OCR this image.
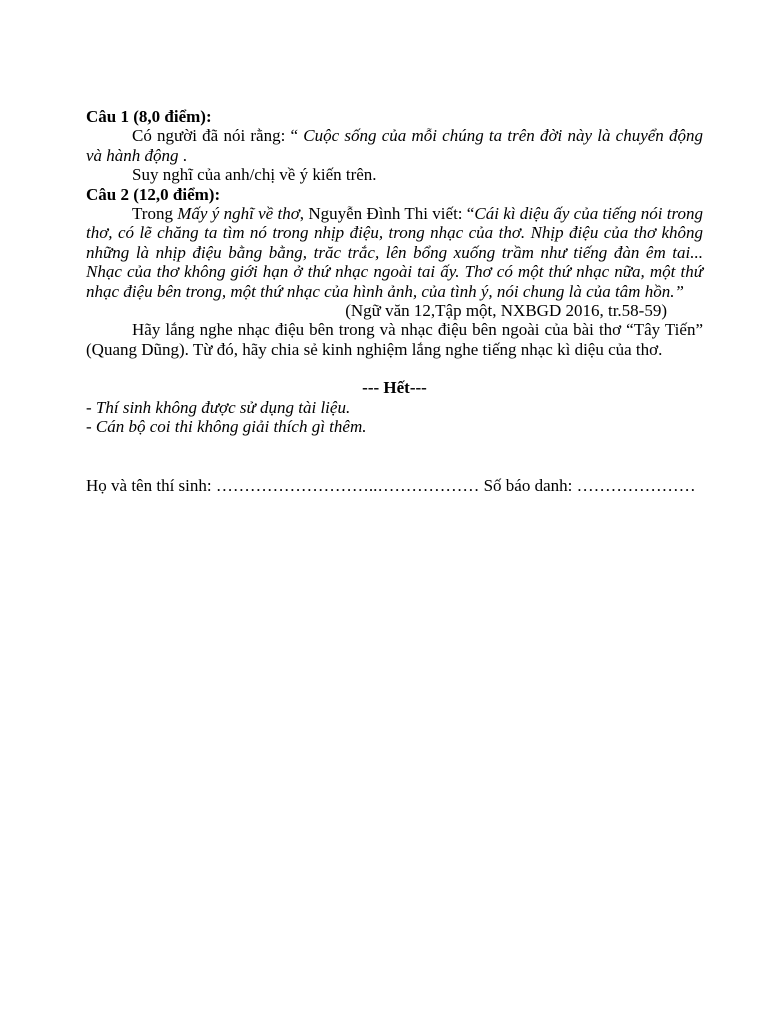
Câu 1 (8,0 điểm):

Có người đã nói rằng: “ Cuộc sống của mỗi chúng ta trên đời này là chuyển động và hành động .

Suy nghĩ của anh/chị về ý kiến trên.

Câu 2 (12,0 điểm):

Trong Mấy ý nghĩ về thơ, Nguyễn Đình Thi viết: “Cái kì diệu ấy của tiếng nói trong thơ, có lẽ chăng ta tìm nó trong nhịp điệu, trong nhạc của thơ. Nhịp điệu của thơ không những là nhịp điệu bằng bằng, trăc trắc, lên bổng xuống trầm như tiếng đàn êm tai... Nhạc của thơ không giới hạn ở thứ nhạc ngoài tai ấy. Thơ có một thứ nhạc nữa, một thứ nhạc điệu bên trong, một thứ nhạc của hình ảnh, của tình ý, nói chung là của tâm hồn.”

(Ngữ văn 12,Tập một, NXBGD 2016, tr.58-59)

Hãy lắng nghe nhạc điệu bên trong và nhạc điệu bên ngoài của bài thơ “Tây Tiến” (Quang Dũng). Từ đó, hãy chia sẻ kinh nghiệm lắng nghe tiếng nhạc kì diệu của thơ.

--- Hết---

- Thí sinh không được sử dụng tài liệu.

- Cán bộ coi thi không giải thích gì thêm.

Họ và tên thí sinh: ………………………..……………… Số báo danh: …………………
